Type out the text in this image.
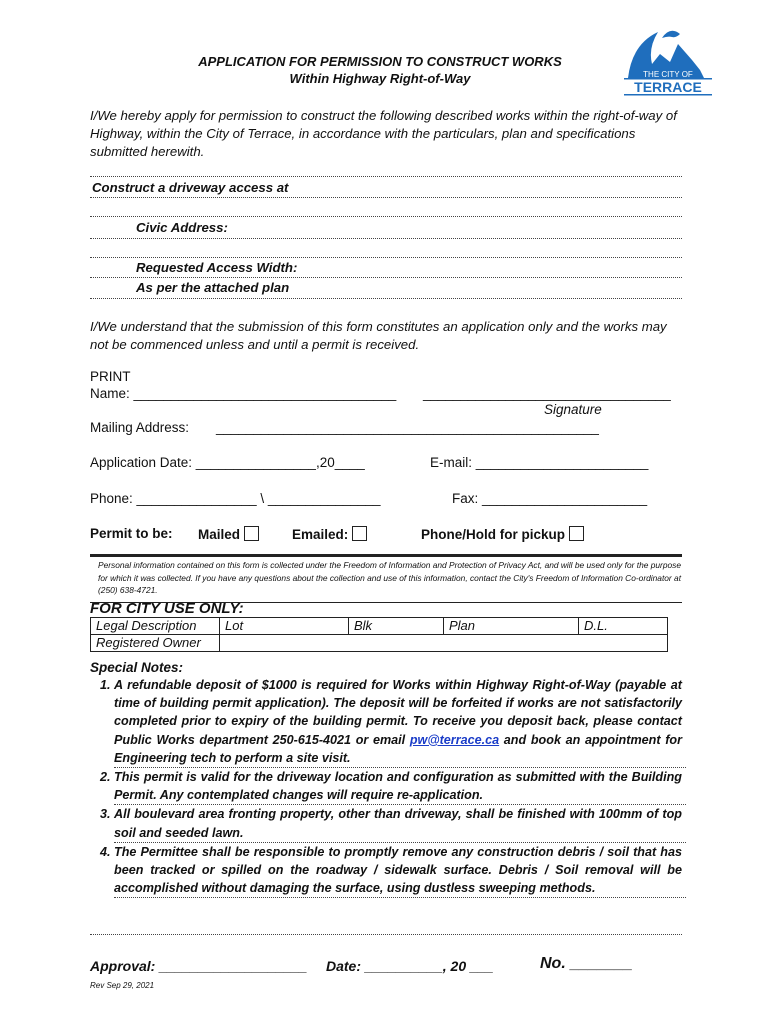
APPLICATION FOR PERMISSION TO CONSTRUCT WORKS
Within Highway Right-of-Way	THE CITY OF
TERRACE
I/We hereby apply for permission to construct the following described works within the right-of-way of Highway, within the City of Terrace, in accordance with the particulars, plan and specifications submitted herewith.
Construct a driveway access at
Civic Address:
Requested Access Width:
As per the attached plan
I/We understand that the submission of this form constitutes an application only and the works may not be commenced unless and until a permit is received.
PRINT
Name: ___________________________________ _________________________________
Signature
Mailing Address: ___________________________________________________
Application Date: ________________,20____	E-mail: _______________________
Phone: ________________ \ _______________	Fax: ______________________
Permit to be: Mailed	Emailed:	Phone/Hold for pickup
Personal information contained on this form is collected under the Freedom of Information and Protection of Privacy Act, and will be used only for the purpose for which it was collected. If you have any questions about the collection and use of this information, contact the City's Freedom of Information Co-ordinator at (250) 638-4721.
FOR CITY USE ONLY:
Legal Description	Lot	Blk	Plan	D.L.
Registered Owner				
Special Notes:
1. A refundable deposit of $1000 is required for Works within Highway Right-of-Way (payable at time of building permit application). The deposit will be forfeited if works are not satisfactorily completed prior to expiry of the building permit. To receive you deposit back, please contact Public Works department 250-615-4021 or email pw@terrace.ca and book an appointment for Engineering tech to perform a site visit.
2. This permit is valid for the driveway location and configuration as submitted with the Building Permit. Any contemplated changes will require re-application.
3. All boulevard area fronting property, other than driveway, shall be finished with 100mm of top soil and seeded lawn.
4. The Permittee shall be responsible to promptly remove any construction debris / soil that has been tracked or spilled on the roadway / sidewalk surface. Debris / Soil removal will be accomplished without damaging the surface, using dustless sweeping methods.
Approval: ___________________ Date: __________, 20 ___	No. _______
Rev Sep 29, 2021
